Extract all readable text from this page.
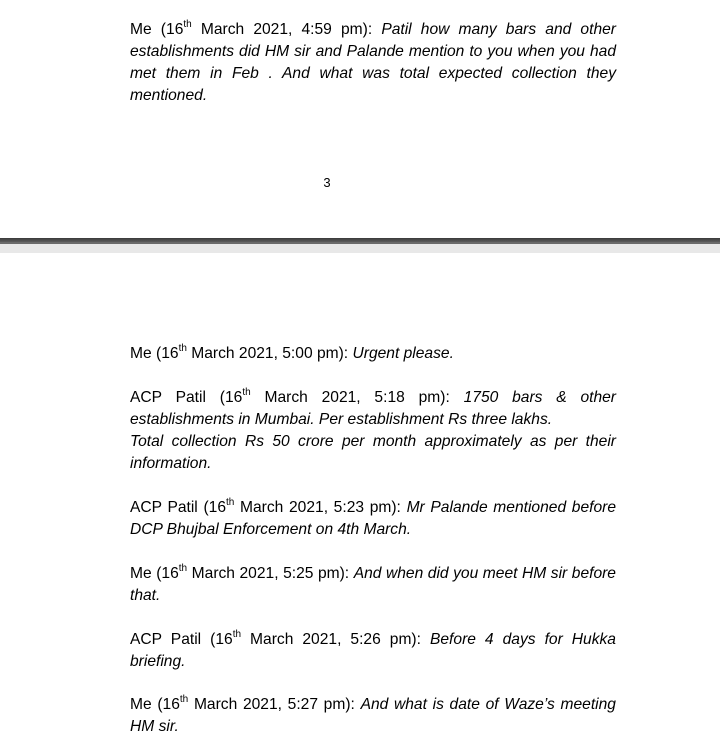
Me (16th March 2021, 4:59 pm): Patil how many bars and other establishments did HM sir and Palande mention to you when you had met them in Feb . And what was total expected collection they mentioned.

3

Me (16th March 2021, 5:00 pm): Urgent please.

ACP Patil (16th March 2021, 5:18 pm): 1750 bars & other establishments in Mumbai. Per establishment Rs three lakhs.
Total collection Rs 50 crore per month approximately as per their information.

ACP Patil (16th March 2021, 5:23 pm): Mr Palande mentioned before DCP Bhujbal Enforcement on 4th March.

Me (16th March 2021, 5:25 pm): And when did you meet HM sir before that.

ACP Patil (16th March 2021, 5:26 pm): Before 4 days for Hukka briefing.

Me (16th March 2021, 5:27 pm): And what is date of Waze’s meeting HM sir.
